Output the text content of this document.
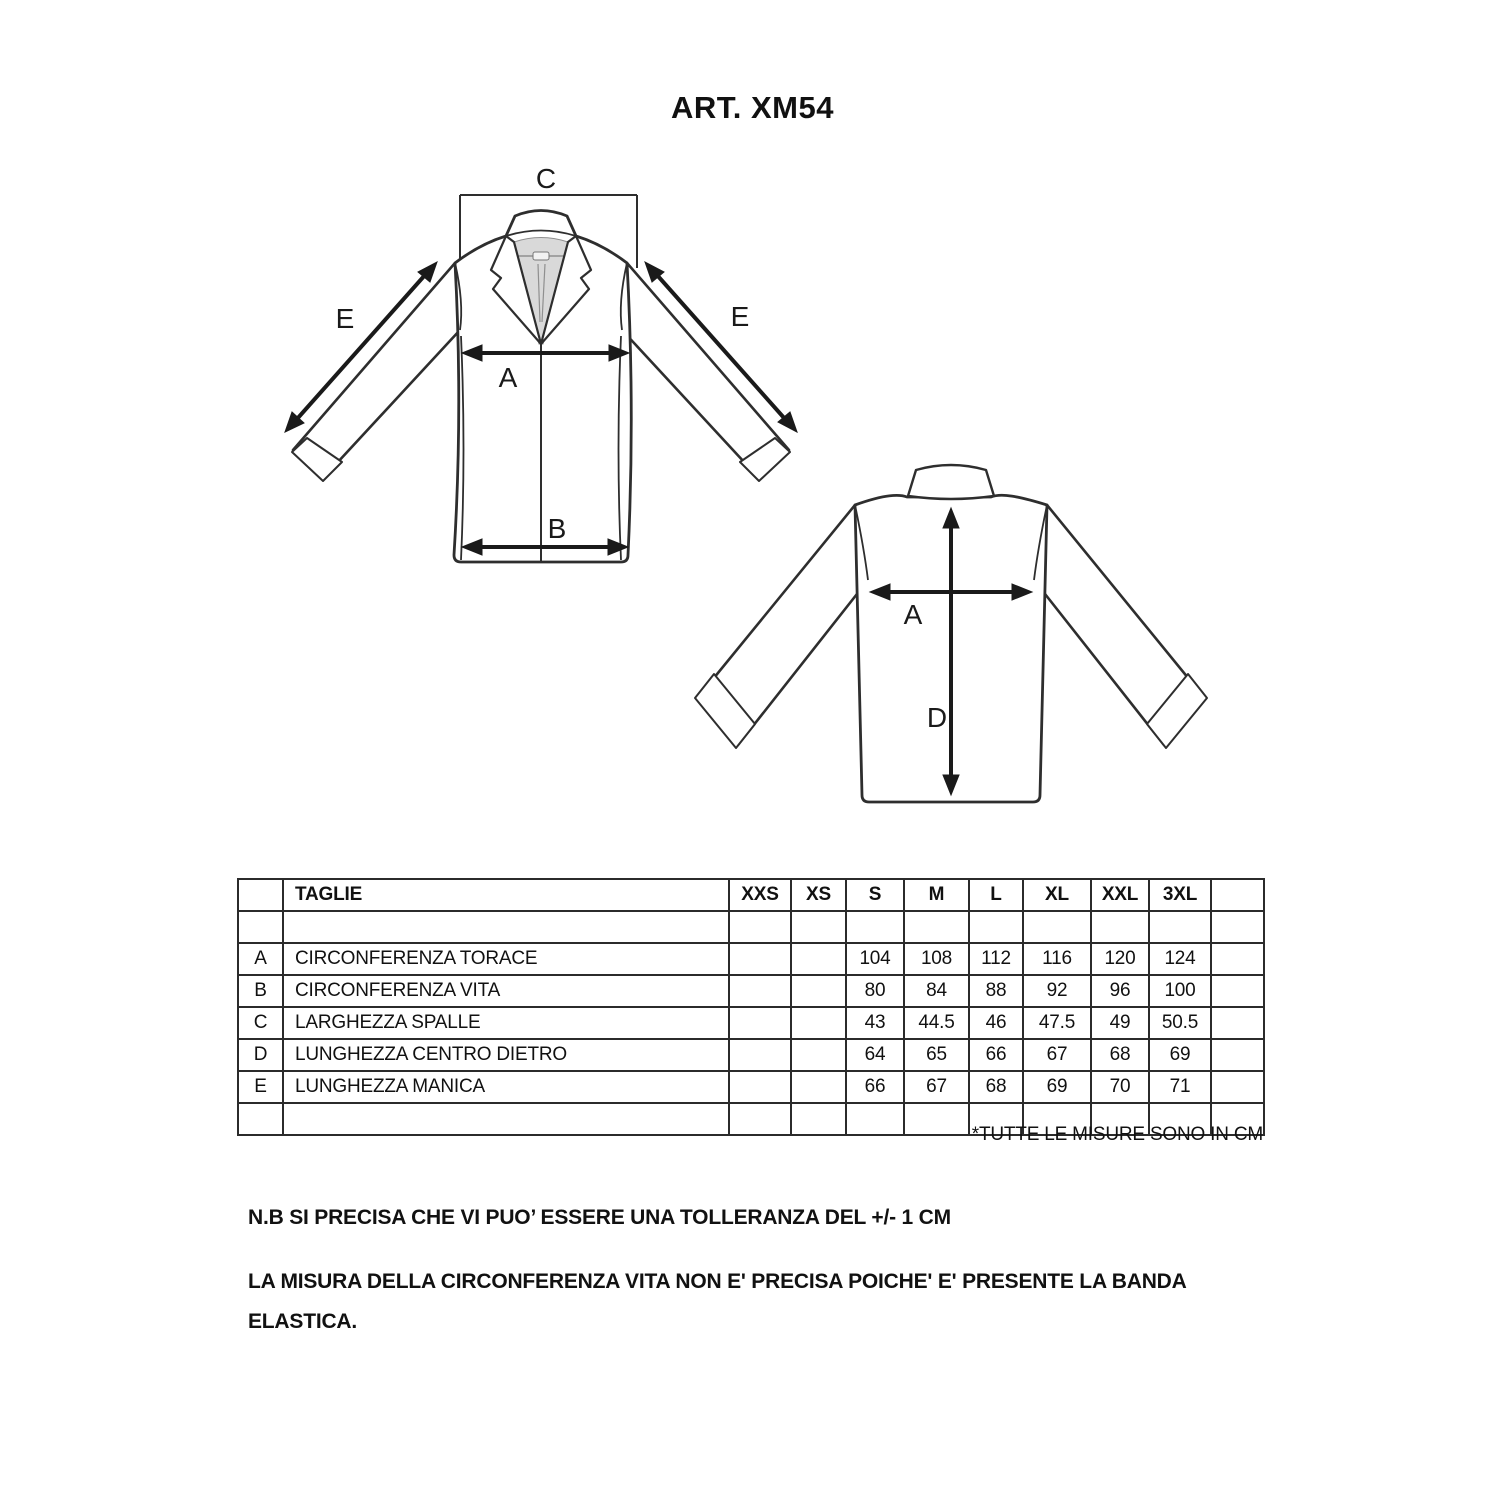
ART. XM54
C
E	E
A
B
A
D
	TAGLIE	XXS	XS	S	M	L	XL	XXL	3XL	

A	CIRCONFERENZA TORACE			104	108	112	116	120	124	
B	CIRCONFERENZA VITA			80	84	88	92	96	100	
C	LARGHEZZA SPALLE			43	44.5	46	47.5	49	50.5	
D	LUNGHEZZA CENTRO DIETRO			64	65	66	67	68	69	
E	LUNGHEZZA MANICA			66	67	68	69	70	71	

*TUTTE LE MISURE SONO IN CM

N.B SI PRECISA CHE VI PUO’ ESSERE UNA TOLLERANZA DEL +/- 1 CM

LA MISURA DELLA CIRCONFERENZA VITA NON E' PRECISA POICHE' E' PRESENTE LA BANDA ELASTICA.
